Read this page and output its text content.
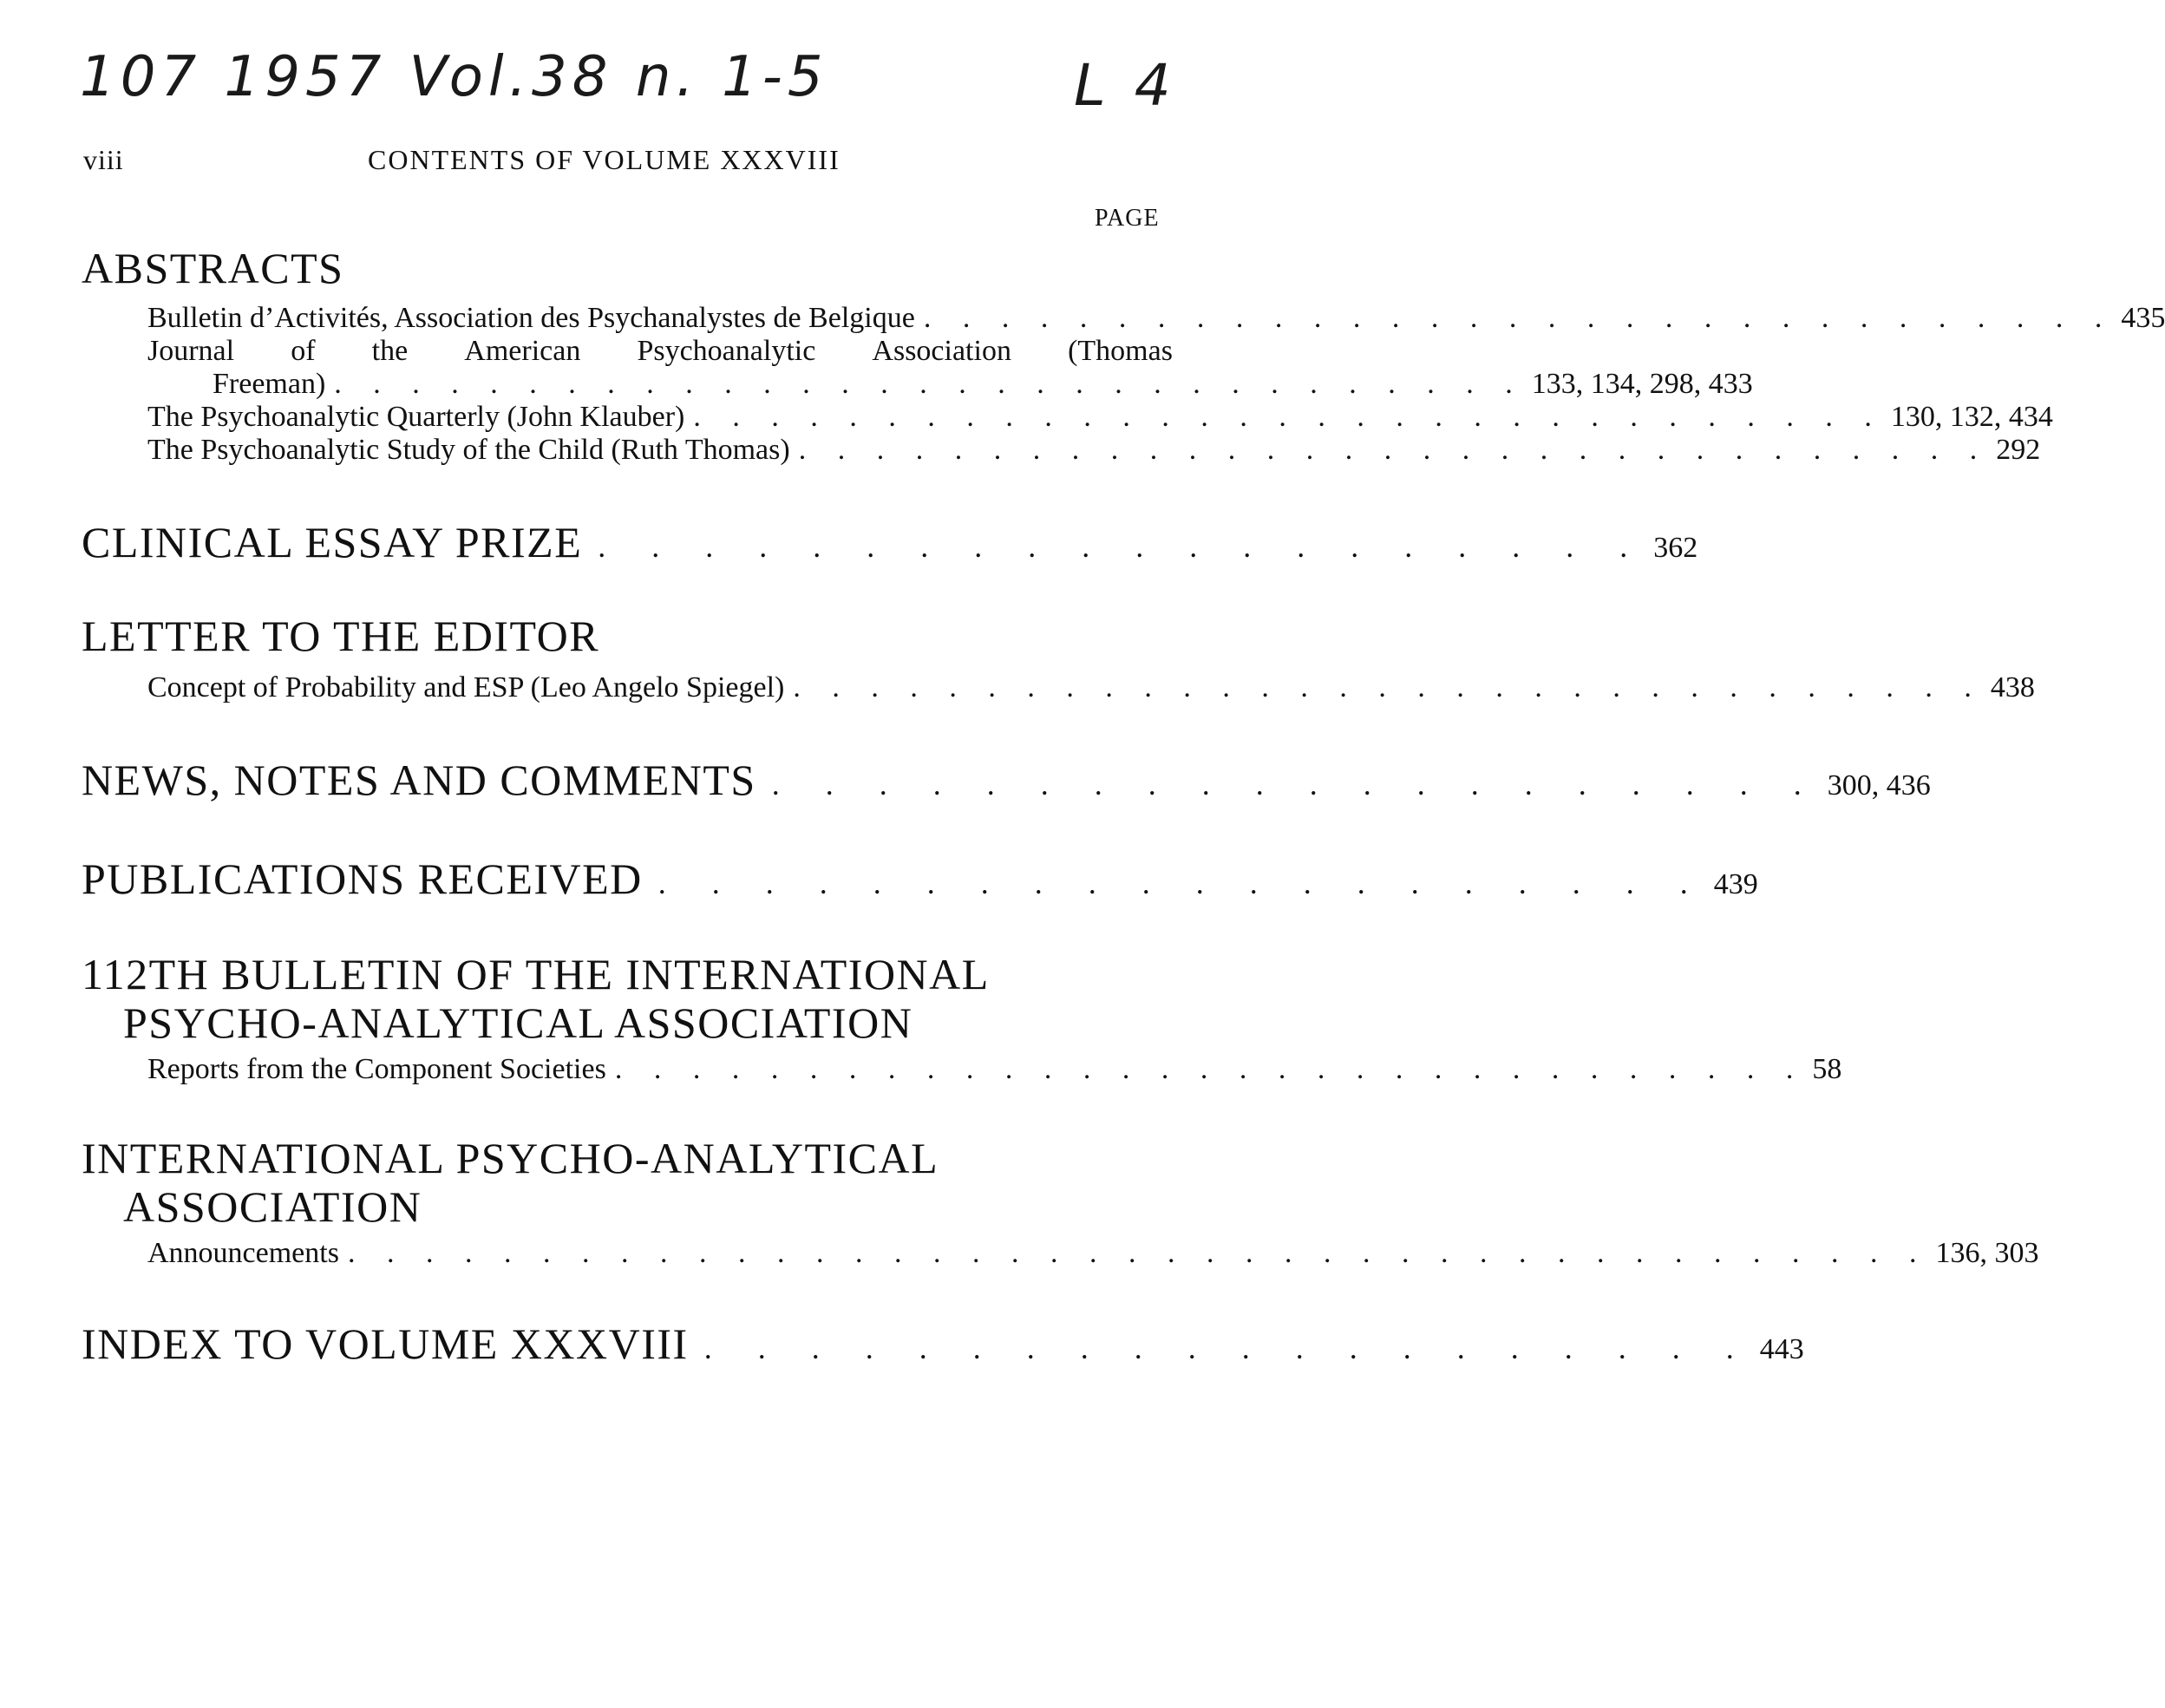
107 1957 Vol.38 n. 1-5	L 4
viii	CONTENTS OF VOLUME XXXVIII
PAGE
ABSTRACTS
Bulletin d’Activités, Association des Psychanalystes de Belgique . . . . . . . . . . . . . . . . . . . . . . . . . . . . . . . 435
Journal of the American Psychoanalytic Association (Thomas
Freeman) . . . . . . . . . . . . . . . . . . . . . . . . . . . . . . . 133, 134, 298, 433
The Psychoanalytic Quarterly (John Klauber) . . . . . . . . . . . . . . . . . . . . . . . . . . . . . . . 130, 132, 434
The Psychoanalytic Study of the Child (Ruth Thomas) . . . . . . . . . . . . . . . . . . . . . . . . . . . . . . . 292
CLINICAL ESSAY PRIZE . . . . . . . . . . . . . . . . . . . . 362
LETTER TO THE EDITOR
Concept of Probability and ESP (Leo Angelo Spiegel) . . . . . . . . . . . . . . . . . . . . . . . . . . . . . . . 438
NEWS, NOTES AND COMMENTS . . . . . . . . . . . . . . . . . . . . 300, 436
PUBLICATIONS RECEIVED . . . . . . . . . . . . . . . . . . . . 439
112TH BULLETIN OF THE INTERNATIONAL
PSYCHO-ANALYTICAL ASSOCIATION
Reports from the Component Societies . . . . . . . . . . . . . . . . . . . . . . . . . . . . . . . 58
INTERNATIONAL PSYCHO-ANALYTICAL
ASSOCIATION
Announcements . . . . . . . . . . . . . . . . . . . . . . . . . . . . . . . . . . . . . . . . . 136, 303
INDEX TO VOLUME XXXVIII . . . . . . . . . . . . . . . . . . . . 443
